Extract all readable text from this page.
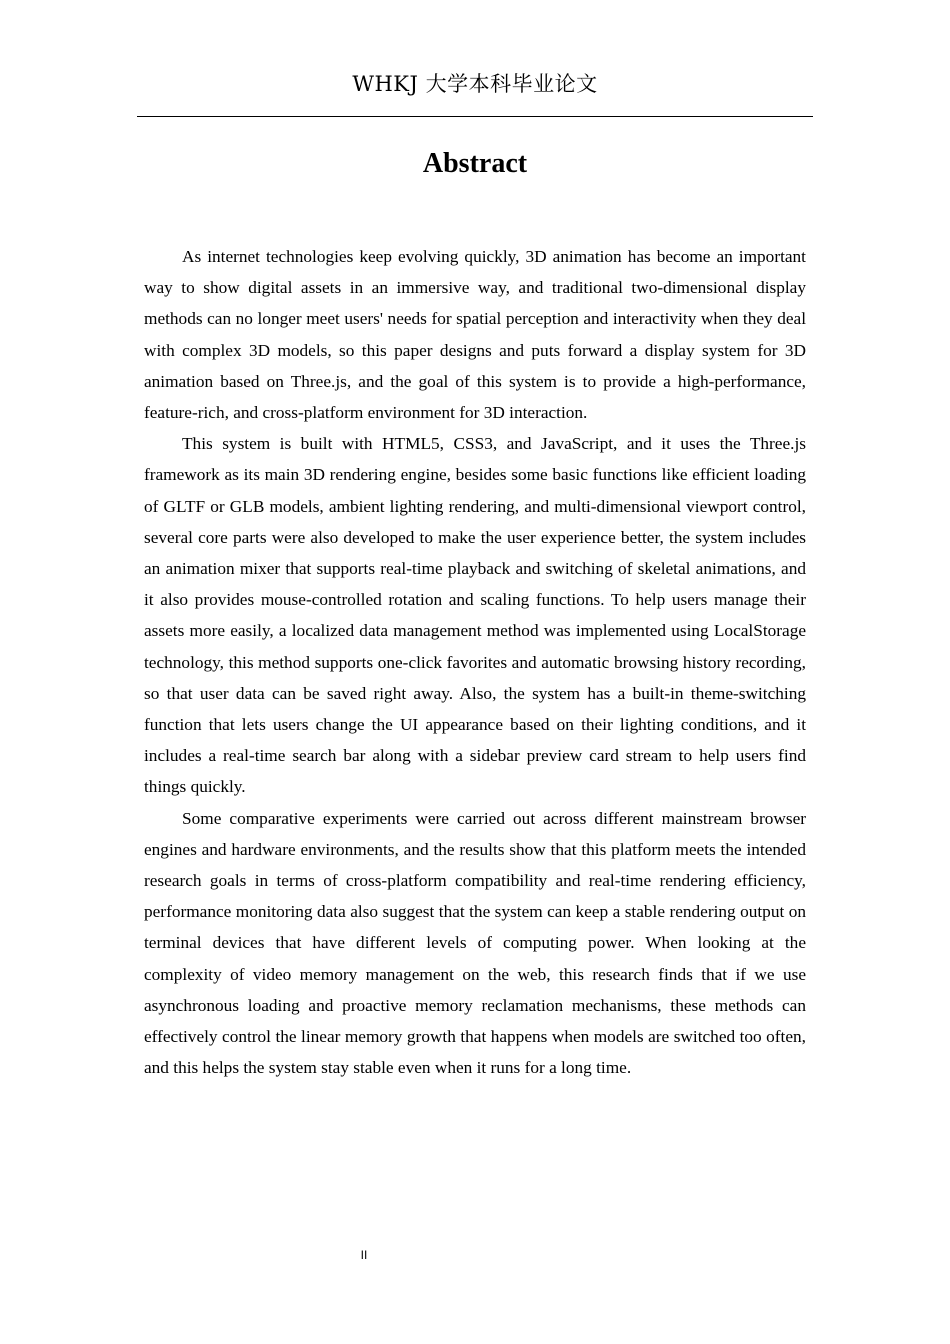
WHKJ 大学本科毕业论文
Abstract

As internet technologies keep evolving quickly, 3D animation has become an important way to show digital assets in an immersive way, and traditional two-dimensional display methods can no longer meet users' needs for spatial perception and interactivity when they deal with complex 3D models, so this paper designs and puts forward a display system for 3D animation based on Three.js, and the goal of this system is to provide a high-performance, feature-rich, and cross-platform environment for 3D interaction.

This system is built with HTML5, CSS3, and JavaScript, and it uses the Three.js framework as its main 3D rendering engine, besides some basic functions like efficient loading of GLTF or GLB models, ambient lighting rendering, and multi-dimensional viewport control, several core parts were also developed to make the user experience better, the system includes an animation mixer that supports real-time playback and switching of skeletal animations, and it also provides mouse-controlled rotation and scaling functions. To help users manage their assets more easily, a localized data management method was implemented using LocalStorage technology, this method supports one-click favorites and automatic browsing history recording, so that user data can be saved right away. Also, the system has a built-in theme-switching function that lets users change the UI appearance based on their lighting conditions, and it includes a real-time search bar along with a sidebar preview card stream to help users find things quickly.

Some comparative experiments were carried out across different mainstream browser engines and hardware environments, and the results show that this platform meets the intended research goals in terms of cross-platform compatibility and real-time rendering efficiency, performance monitoring data also suggest that the system can keep a stable rendering output on terminal devices that have different levels of computing power. When looking at the complexity of video memory management on the web, this research finds that if we use asynchronous loading and proactive memory reclamation mechanisms, these methods can effectively control the linear memory growth that happens when models are switched too often, and this helps the system stay stable even when it runs for a long time.

II
